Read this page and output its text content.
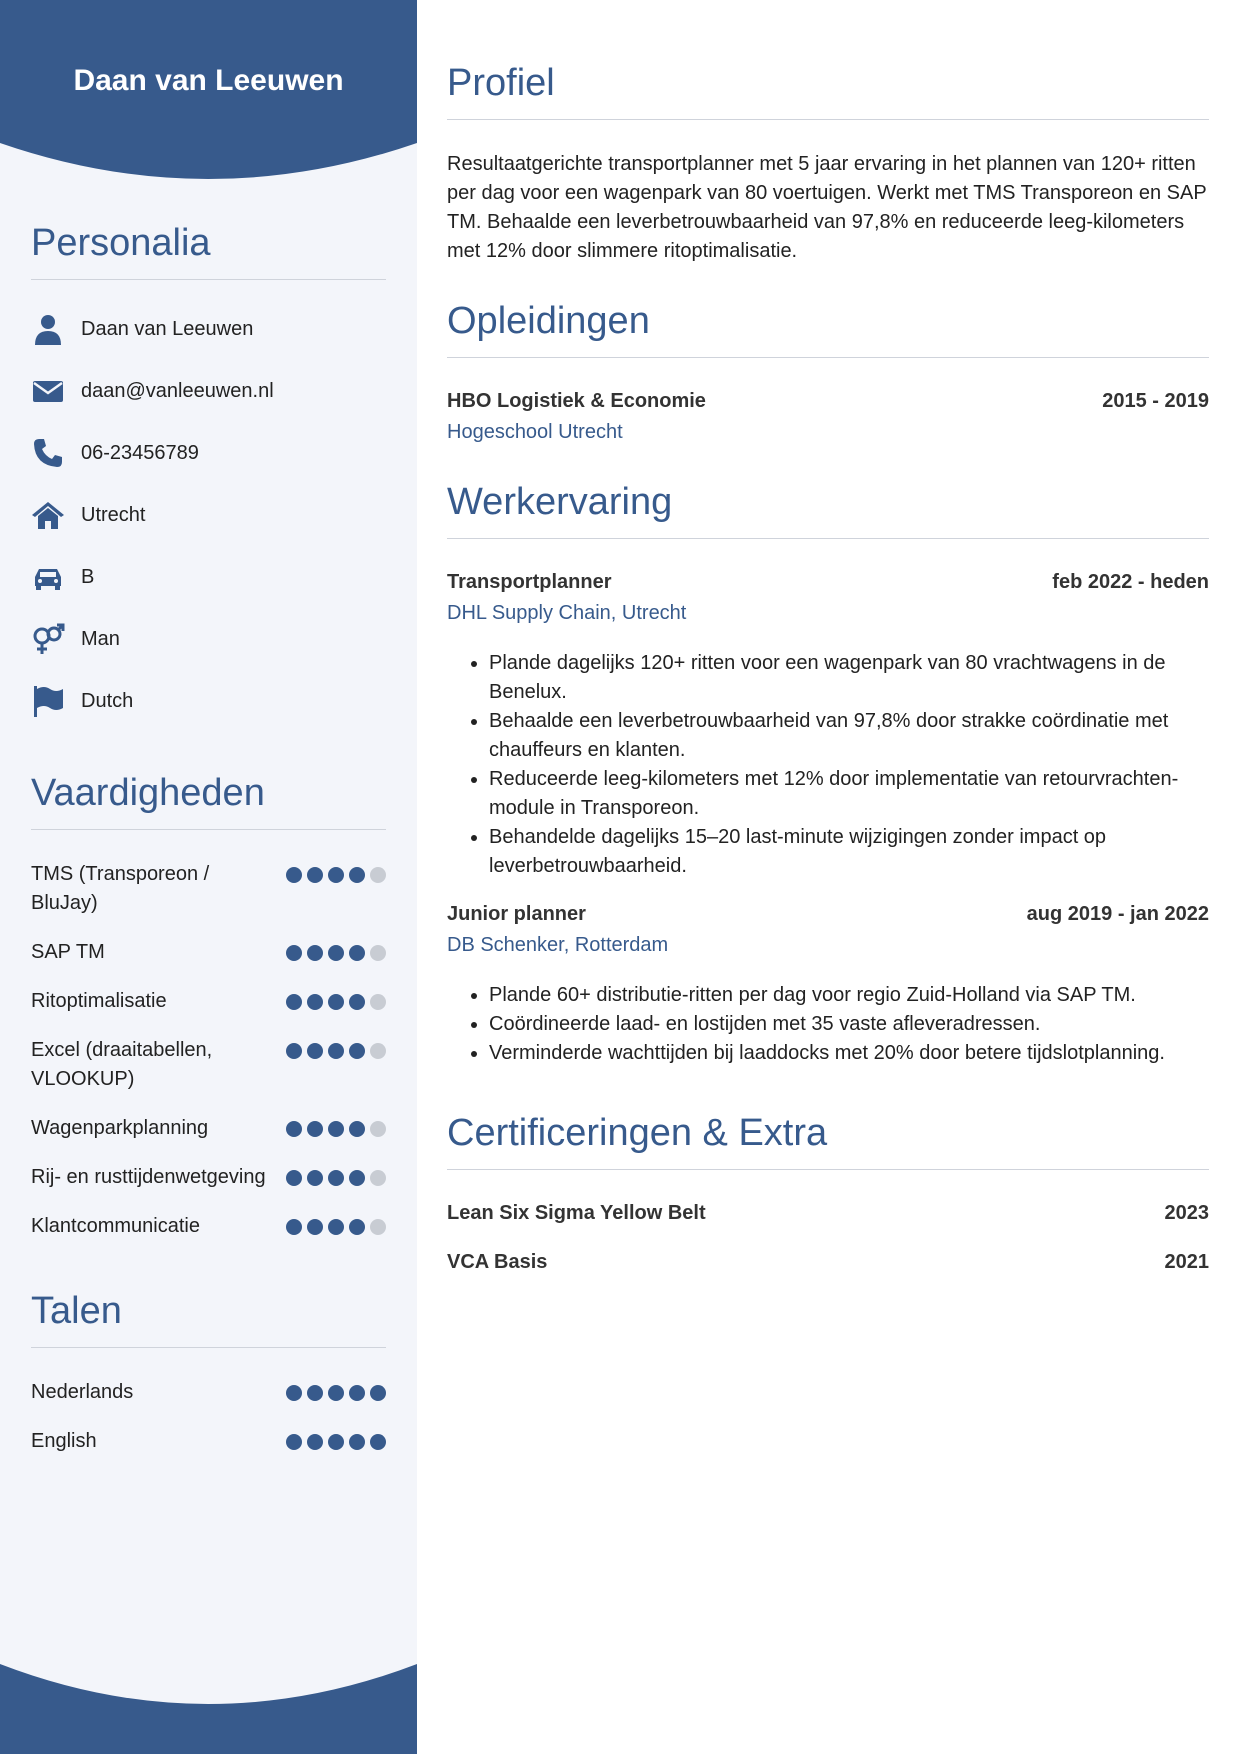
Daan van Leeuwen
Personalia
Daan van Leeuwen
daan@vanleeuwen.nl
06-23456789
Utrecht
B
Man
Dutch
Vaardigheden
TMS (Transporeon / BluJay)
SAP TM
Ritoptimalisatie
Excel (draaitabellen, VLOOKUP)
Wagenparkplanning
Rij- en rusttijdenwetgeving
Klantcommunicatie
Talen
Nederlands
English
Profiel

Resultaatgerichte transportplanner met 5 jaar ervaring in het plannen van 120+ ritten per dag voor een wagenpark van 80 voertuigen. Werkt met TMS Transporeon en SAP TM. Behaalde een leverbetrouwbaarheid van 97,8% en reduceerde leeg-kilometers met 12% door slimmere ritoptimalisatie.

Opleidingen
HBO Logistiek & Economie	2015 - 2019
Hogeschool Utrecht
Werkervaring
Transportplanner	feb 2022 - heden
DHL Supply Chain, Utrecht
• Plande dagelijks 120+ ritten voor een wagenpark van 80 vrachtwagens in de Benelux.
• Behaalde een leverbetrouwbaarheid van 97,8% door strakke coördinatie met chauffeurs en klanten.
• Reduceerde leeg-kilometers met 12% door implementatie van retourvrachten-module in Transporeon.
• Behandelde dagelijks 15–20 last-minute wijzigingen zonder impact op leverbetrouwbaarheid.
Junior planner	aug 2019 - jan 2022
DB Schenker, Rotterdam
• Plande 60+ distributie-ritten per dag voor regio Zuid-Holland via SAP TM.
• Coördineerde laad- en lostijden met 35 vaste afleveradressen.
• Verminderde wachttijden bij laaddocks met 20% door betere tijdslotplanning.
Certificeringen & Extra
Lean Six Sigma Yellow Belt	2023
VCA Basis	2021
